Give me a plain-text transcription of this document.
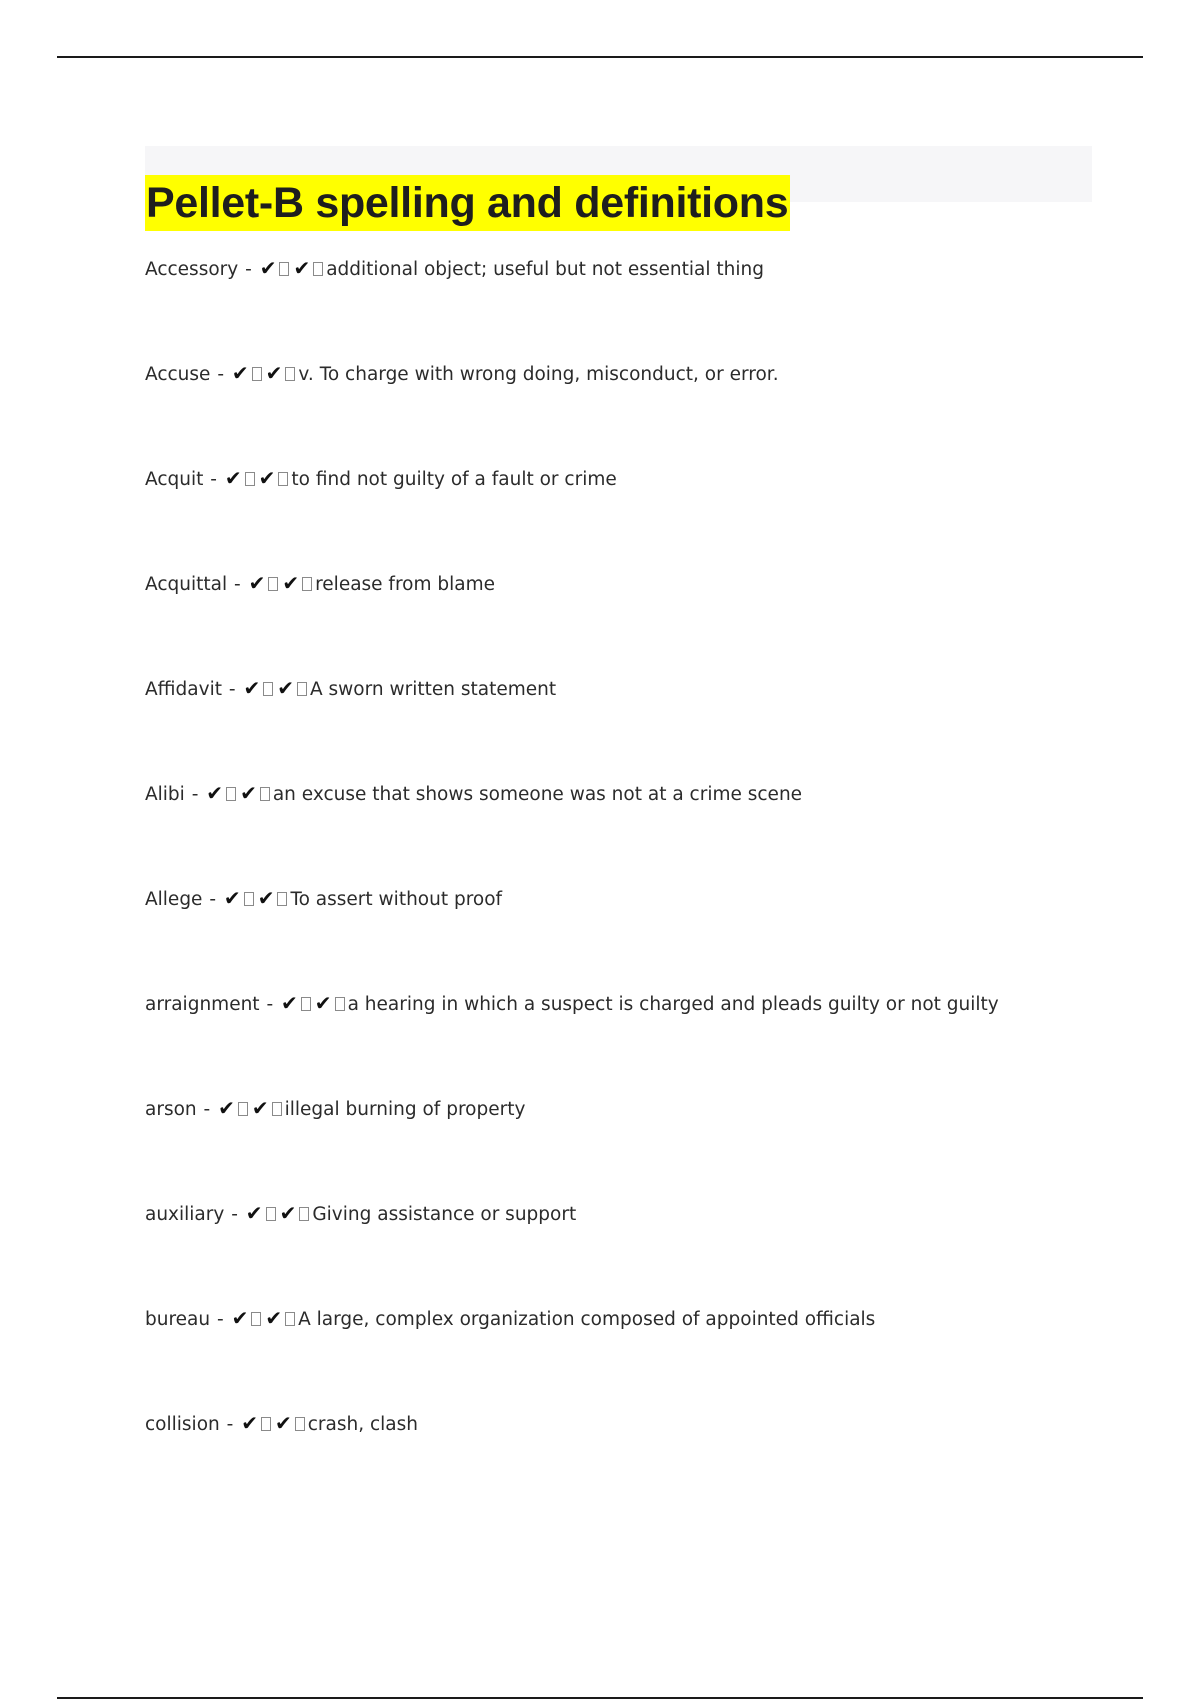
Pellet-B spelling and definitions
Accessory - ✔ ✔ additional object; useful but not essential thing
Accuse - ✔ ✔ v. To charge with wrong doing, misconduct, or error.
Acquit - ✔ ✔ to find not guilty of a fault or crime
Acquittal - ✔ ✔ release from blame
Affidavit - ✔ ✔ A sworn written statement
Alibi - ✔ ✔ an excuse that shows someone was not at a crime scene
Allege - ✔ ✔ To assert without proof
arraignment - ✔ ✔ a hearing in which a suspect is charged and pleads guilty or not guilty
arson - ✔ ✔ illegal burning of property
auxiliary - ✔ ✔ Giving assistance or support
bureau - ✔ ✔ A large, complex organization composed of appointed officials
collision - ✔ ✔ crash, clash
